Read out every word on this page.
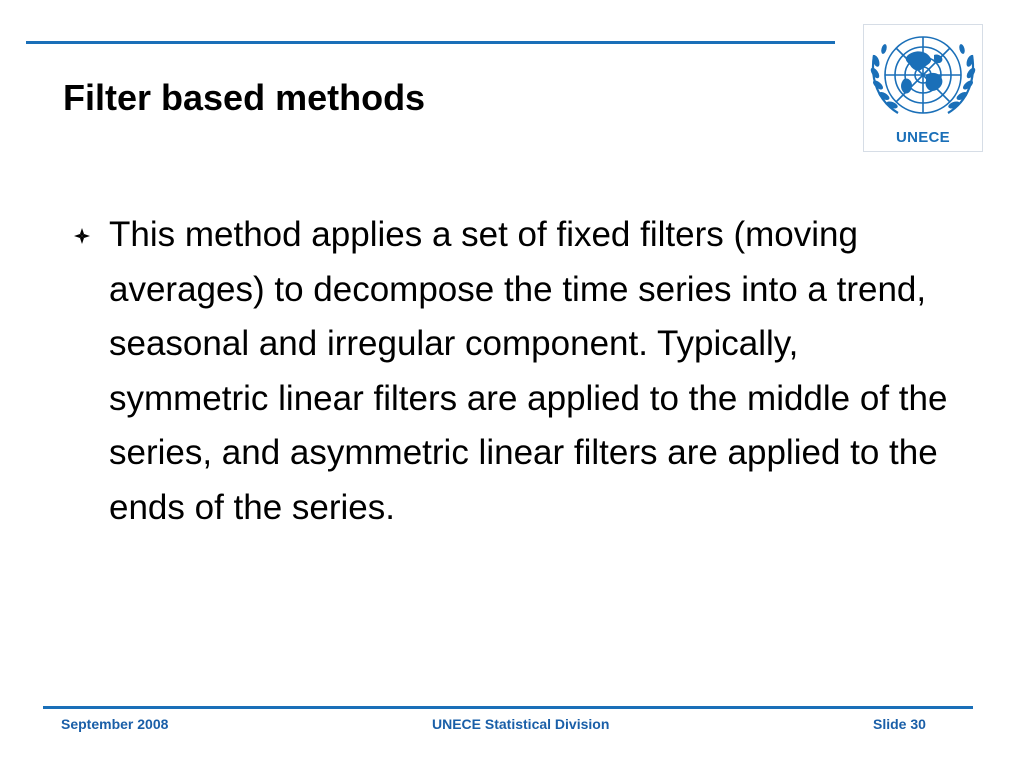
Filter based methods
UNECE

This method applies a set of fixed filters (moving averages) to decompose the time series into a trend, seasonal and irregular component. Typically, symmetric linear filters are applied to the middle of the series, and asymmetric linear filters are applied to the ends of the series.

September 2008	UNECE Statistical Division	Slide 30
